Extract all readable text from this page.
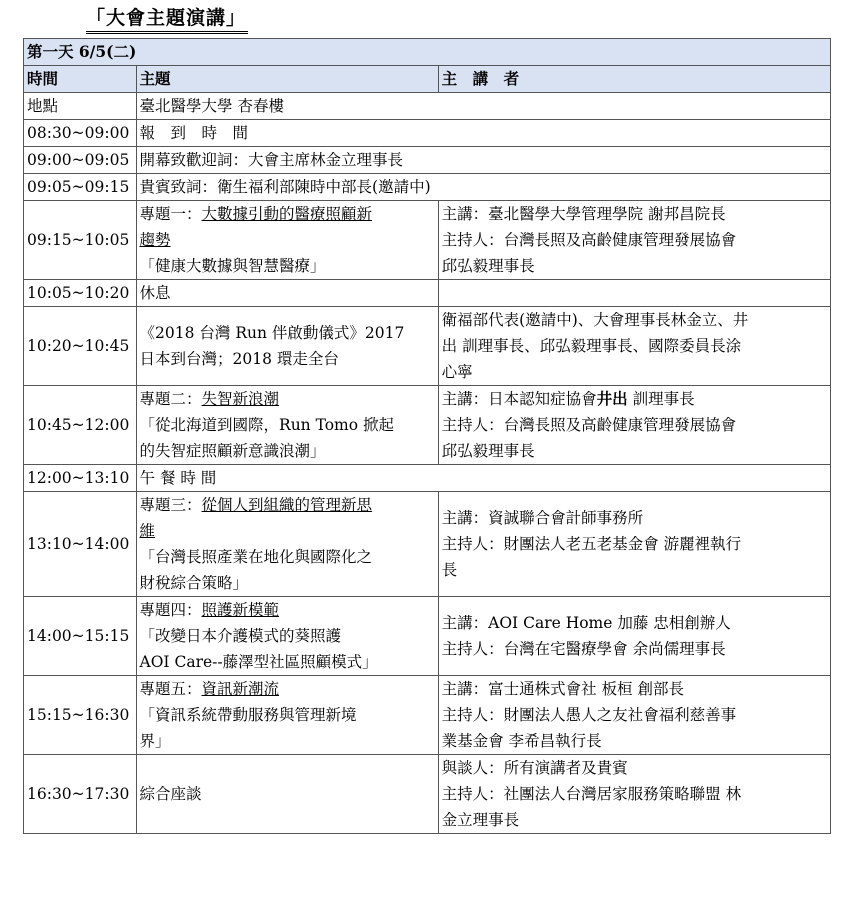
「大會主題演講」
第一天 6/5(二)		
時間	主題	主　講　者
地點	臺北醫學大學 杏春樓	
08:30~09:00	報　到　時　間	

09:00~09:05	開幕致歡迎詞：大會主席林金立理事長	

09:05~09:15	貴賓致詞：衛生福利部陳時中部長(邀請中)	

09:15~10:05	專題一：大數據引動的醫療照顧新
趨勢
「健康大數據與智慧醫療」	主講：臺北醫學大學管理學院 謝邦昌院長
主持人：台灣長照及高齡健康管理發展協會
邱弘毅理事長

10:05~10:20	休息	

10:20~10:45	《2018 台灣 Run 伴啟動儀式》2017
日本到台灣；2018 環走全台	衛福部代表(邀請中)、大會理事長林金立、井
出 訓理事長、邱弘毅理事長、國際委員長涂
心寧

10:45~12:00	專題二：失智新浪潮
「從北海道到國際，Run Tomo 掀起
的失智症照顧新意識浪潮」	主講：日本認知症協會井出 訓理事長
主持人：台灣長照及高齡健康管理發展協會
邱弘毅理事長

12:00~13:10	午 餐 時 間	

13:10~14:00	專題三：從個人到組織的管理新思
維
「台灣長照產業在地化與國際化之
財稅綜合策略」	主講：資誠聯合會計師事務所
主持人：財團法人老五老基金會 游麗裡執行
長

14:00~15:15	專題四：照護新模範
「改變日本介護模式的葵照護
AOI Care--藤澤型社區照顧模式」	主講：AOI Care Home 加藤 忠相創辦人
主持人：台灣在宅醫療學會 余尚儒理事長

15:15~16:30	專題五：資訊新潮流
「資訊系統帶動服務與管理新境
界」	主講：富士通株式會社 板桓 創部長
主持人：財團法人愚人之友社會福利慈善事
業基金會 李希昌執行長

16:30~17:30	綜合座談	與談人：所有演講者及貴賓
主持人：社團法人台灣居家服務策略聯盟 林
金立理事長
